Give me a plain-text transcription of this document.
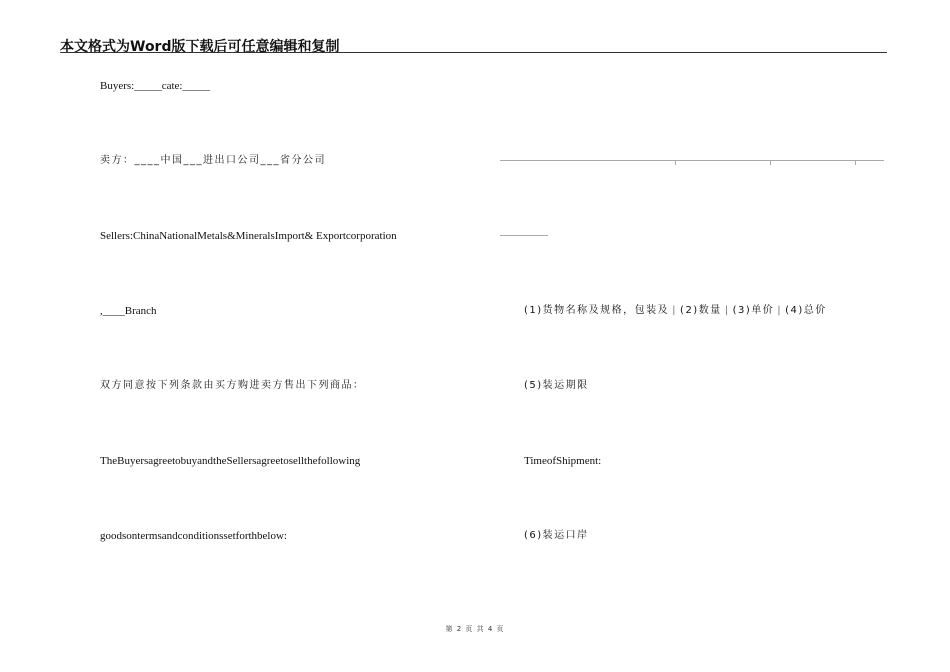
本文格式为Word版下载后可任意编辑和复制
Buyers:_____cate:_____
卖方：____中国___进出口公司___省分公司
Sellers:ChinaNationalMetals&MineralsImport& Exportcorporation
,____Branch
双方同意按下列条款由买方购进卖方售出下列商品：
TheBuyersagreetobuyandtheSellersagreetosellthefollowing
goodsontermsandconditionssetforthbelow:
(1)货物名称及规格，包装及 | (2)数量 | (3)单价 | (4)总价
(5)装运期限
TimeofShipment:
(6)装运口岸
第 2 页 共 4 页
